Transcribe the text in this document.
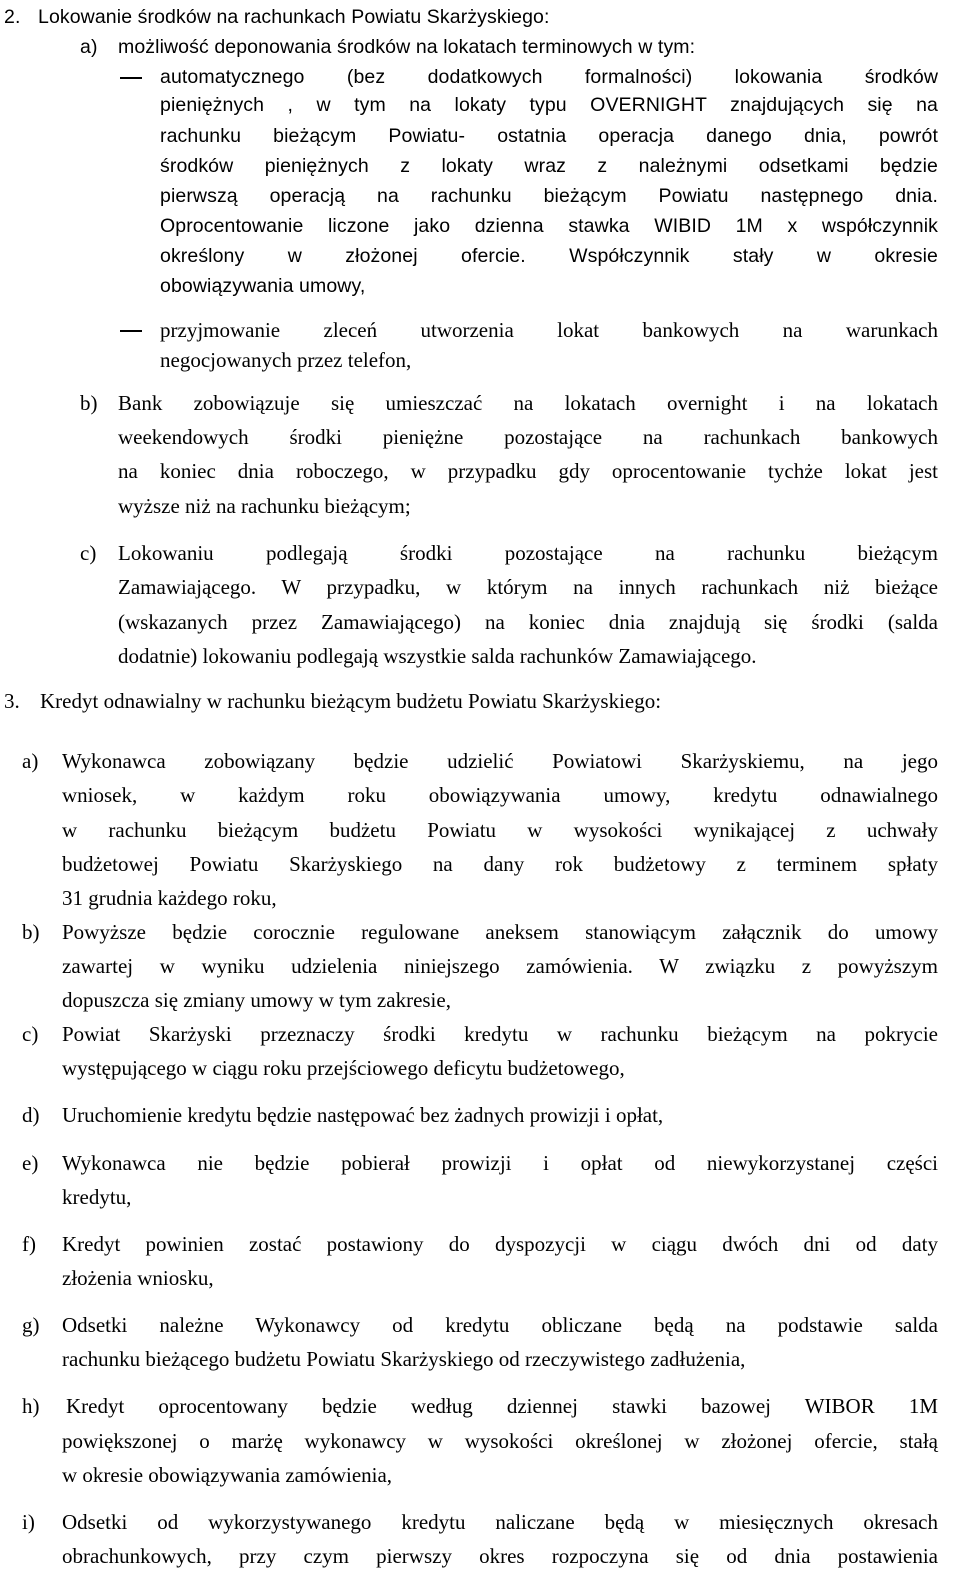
2. Lokowanie środków na rachunkach Powiatu Skarżyskiego:
a) możliwość deponowania środków na lokatach terminowych w tym:
automatycznego (bez dodatkowych formalności) lokowania środków
pieniężnych , w tym na lokaty typu OVERNIGHT znajdujących się na
rachunku bieżącym Powiatu- ostatnia operacja danego dnia, powrót
środków pieniężnych z lokaty wraz z należnymi odsetkami będzie
pierwszą operacją na rachunku bieżącym Powiatu następnego dnia.
Oprocentowanie liczone jako dzienna stawka WIBID 1M x współczynnik
określony w złożonej ofercie. Współczynnik stały w okresie
obowiązywania umowy,
przyjmowanie zleceń utworzenia lokat bankowych na warunkach
negocjowanych przez telefon,
b) Bank zobowiązuje się umieszczać na lokatach overnight i na lokatach
weekendowych środki pieniężne pozostające na rachunkach bankowych
na koniec dnia roboczego, w przypadku gdy oprocentowanie tychże lokat jest
wyższe niż na rachunku bieżącym;
c) Lokowaniu podlegają środki pozostające na rachunku bieżącym
Zamawiającego. W przypadku, w którym na innych rachunkach niż bieżące
(wskazanych przez Zamawiającego) na koniec dnia znajdują się środki (salda
dodatnie) lokowaniu podlegają wszystkie salda rachunków Zamawiającego.
3. Kredyt odnawialny w rachunku bieżącym budżetu Powiatu Skarżyskiego:
a) Wykonawca zobowiązany będzie udzielić Powiatowi Skarżyskiemu, na jego
wniosek, w każdym roku obowiązywania umowy, kredytu odnawialnego
w rachunku bieżącym budżetu Powiatu w wysokości wynikającej z uchwały
budżetowej Powiatu Skarżyskiego na dany rok budżetowy z terminem spłaty
31 grudnia każdego roku,
b) Powyższe będzie corocznie regulowane aneksem stanowiącym załącznik do umowy
zawartej w wyniku udzielenia niniejszego zamówienia. W związku z powyższym
dopuszcza się zmiany umowy w tym zakresie,
c) Powiat Skarżyski przeznaczy środki kredytu w rachunku bieżącym na pokrycie
występującego w ciągu roku przejściowego deficytu budżetowego,
d) Uruchomienie kredytu będzie następować bez żadnych prowizji i opłat,
e) Wykonawca nie będzie pobierał prowizji i opłat od niewykorzystanej części
kredytu,
f) Kredyt powinien zostać postawiony do dyspozycji w ciągu dwóch dni od daty
złożenia wniosku,
g) Odsetki należne Wykonawcy od kredytu obliczane będą na podstawie salda
rachunku bieżącego budżetu Powiatu Skarżyskiego od rzeczywistego zadłużenia,
h) Kredyt oprocentowany będzie według dziennej stawki bazowej WIBOR 1M
powiększonej o marżę wykonawcy w wysokości określonej w złożonej ofercie, stałą
w okresie obowiązywania zamówienia,
i) Odsetki od wykorzystywanego kredytu naliczane będą w miesięcznych okresach
obrachunkowych, przy czym pierwszy okres rozpoczyna się od dnia postawienia
